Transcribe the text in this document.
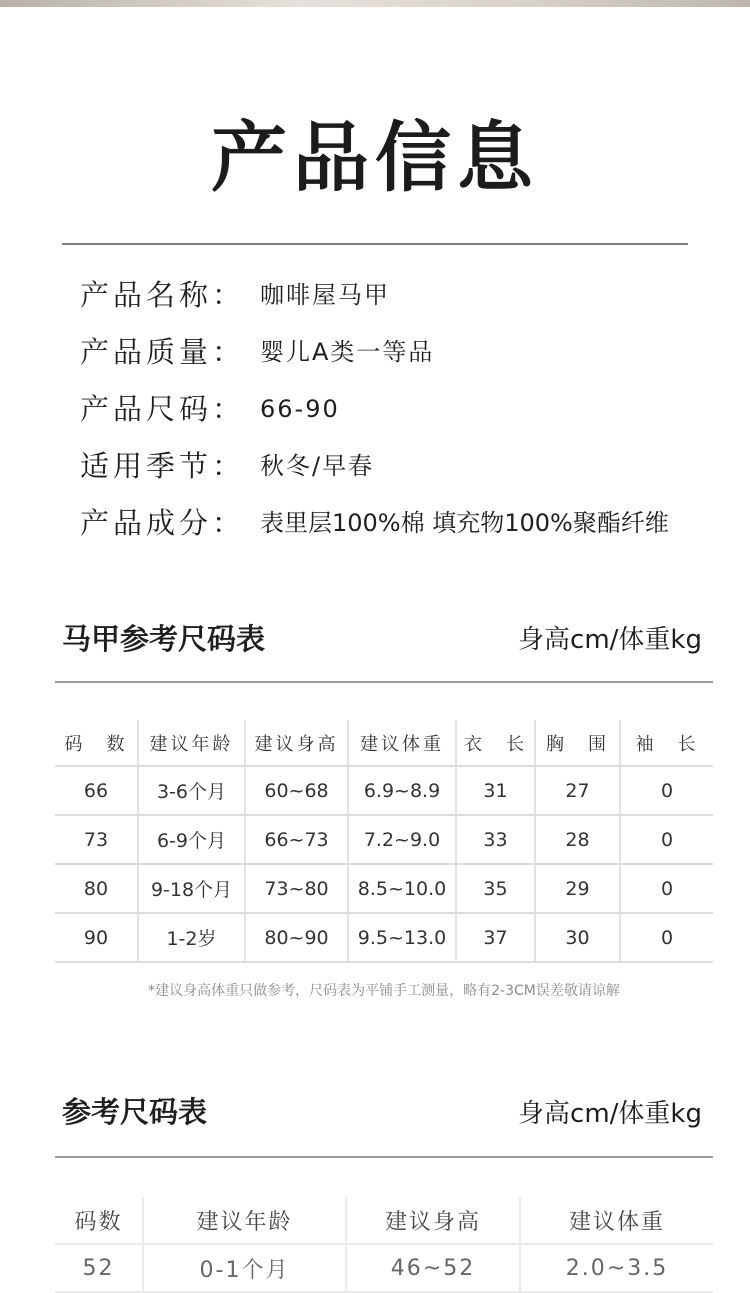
产品信息
产品名称： 咖啡屋马甲
产品质量： 婴儿A类一等品
产品尺码： 66-90
适用季节： 秋冬/早春
产品成分： 表里层100%棉 填充物100%聚酯纤维
马甲参考尺码表	身高cm/体重kg
码　数	建议年龄	建议身高	建议体重	衣　长	胸　围	袖　长
66	3-6个月	60~68	6.9~8.9	31	27	0
73	6-9个月	66~73	7.2~9.0	33	28	0
80	9-18个月	73~80	8.5~10.0	35	29	0
90	1-2岁	80~90	9.5~13.0	37	30	0
*建议身高体重只做参考，尺码表为平铺手工测量，略有2-3CM误差敬请谅解
参考尺码表	身高cm/体重kg
码数	建议年龄	建议身高	建议体重
52	0-1个月	46~52	2.0~3.5
